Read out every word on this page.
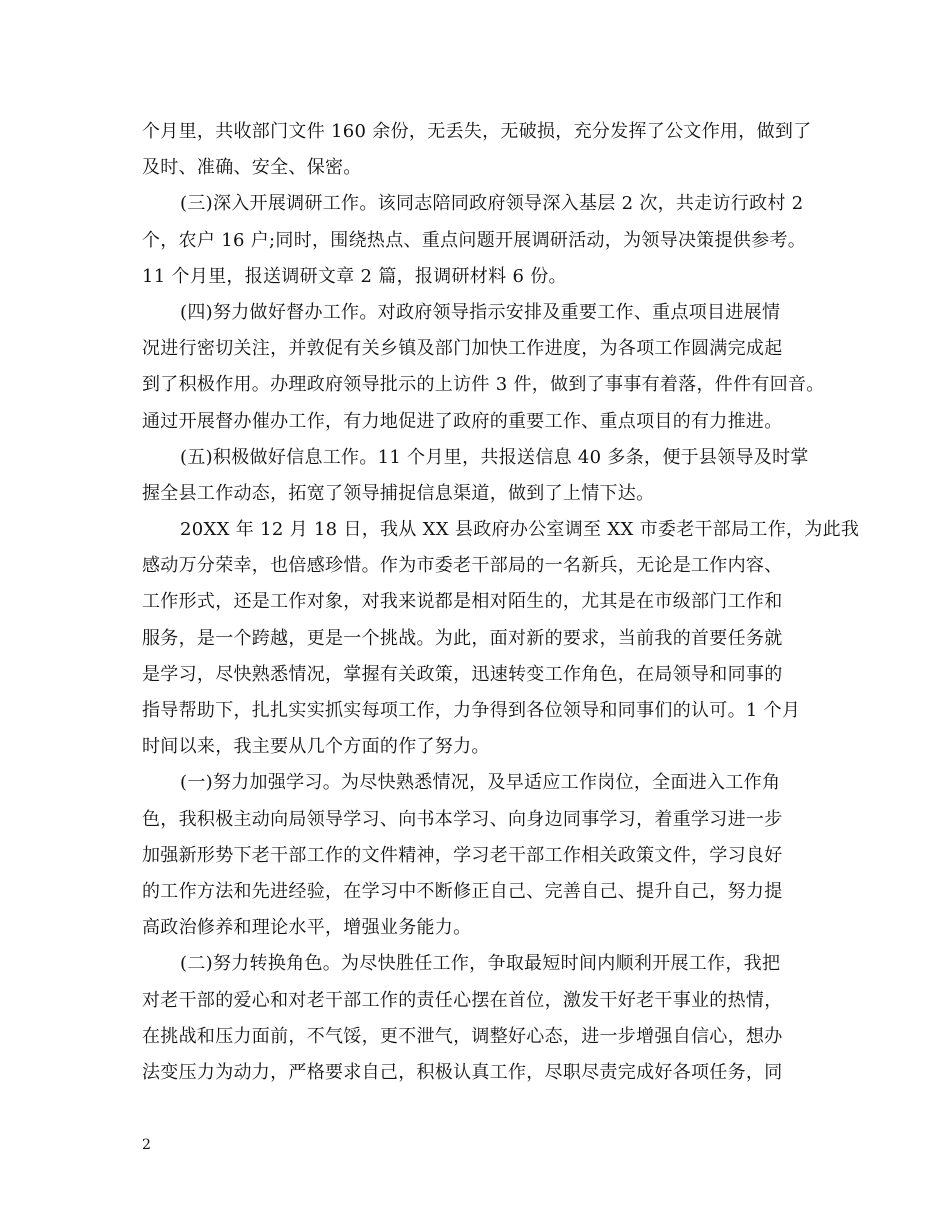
个月里，共收部门文件 160 余份，无丢失，无破损，充分发挥了公文作用，做到了
及时、准确、安全、保密。
(三)深入开展调研工作。该同志陪同政府领导深入基层 2 次，共走访行政村 2
个，农户 16 户;同时，围绕热点、重点问题开展调研活动，为领导决策提供参考。
11 个月里，报送调研文章 2 篇，报调研材料 6 份。
(四)努力做好督办工作。对政府领导指示安排及重要工作、重点项目进展情
况进行密切关注，并敦促有关乡镇及部门加快工作进度，为各项工作圆满完成起
到了积极作用。办理政府领导批示的上访件 3 件，做到了事事有着落，件件有回音。
通过开展督办催办工作，有力地促进了政府的重要工作、重点项目的有力推进。
(五)积极做好信息工作。11 个月里，共报送信息 40 多条，便于县领导及时掌
握全县工作动态，拓宽了领导捕捉信息渠道，做到了上情下达。
20XX 年 12 月 18 日，我从 XX 县政府办公室调至 XX 市委老干部局工作，为此我
感动万分荣幸，也倍感珍惜。作为市委老干部局的一名新兵，无论是工作内容、
工作形式，还是工作对象，对我来说都是相对陌生的，尤其是在市级部门工作和
服务，是一个跨越，更是一个挑战。为此，面对新的要求，当前我的首要任务就
是学习，尽快熟悉情况，掌握有关政策，迅速转变工作角色，在局领导和同事的
指导帮助下，扎扎实实抓实每项工作，力争得到各位领导和同事们的认可。1 个月
时间以来，我主要从几个方面的作了努力。
(一)努力加强学习。为尽快熟悉情况，及早适应工作岗位，全面进入工作角
色，我积极主动向局领导学习、向书本学习、向身边同事学习，着重学习进一步
加强新形势下老干部工作的文件精神，学习老干部工作相关政策文件，学习良好
的工作方法和先进经验，在学习中不断修正自己、完善自己、提升自己，努力提
高政治修养和理论水平，增强业务能力。
(二)努力转换角色。为尽快胜任工作，争取最短时间内顺利开展工作，我把
对老干部的爱心和对老干部工作的责任心摆在首位，激发干好老干事业的热情，
在挑战和压力面前，不气馁，更不泄气，调整好心态，进一步增强自信心，想办
法变压力为动力，严格要求自己，积极认真工作，尽职尽责完成好各项任务，同
2
